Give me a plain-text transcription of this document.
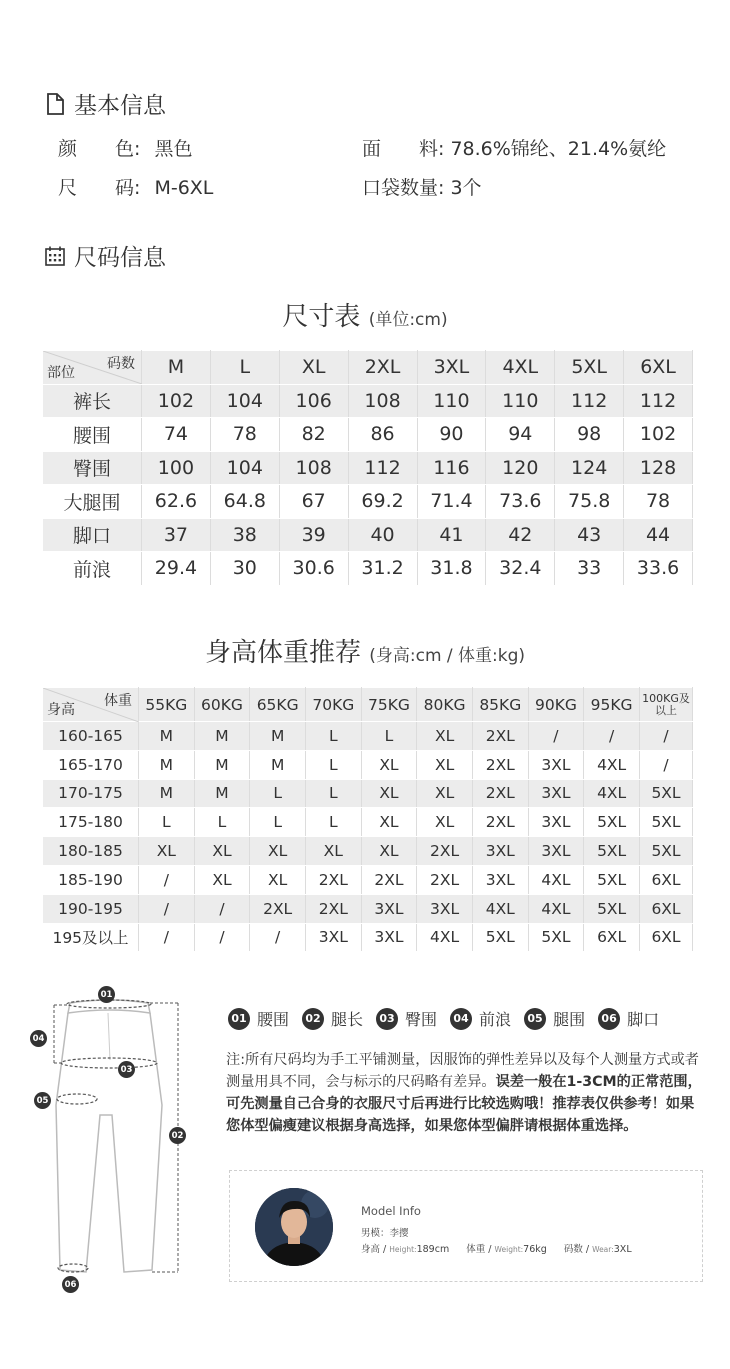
基本信息
颜　　色: 黑色	面　　料: 78.6%锦纶、21.4%氨纶
尺　　码: M-6XL	口袋数量: 3个
尺码信息
尺寸表 (单位:cm)
码数
部位	M	L	XL	2XL	3XL	4XL	5XL	6XL
裤长	102	104	106	108	110	110	112	112
腰围	74	78	82	86	90	94	98	102
臀围	100	104	108	112	116	120	124	128
大腿围	62.6	64.8	67	69.2	71.4	73.6	75.8	78
脚口	37	38	39	40	41	42	43	44
前浪	29.4	30	30.6	31.2	31.8	32.4	33	33.6
身高体重推荐 (身高:cm / 体重:kg)
体重
身高	55KG	60KG	65KG	70KG	75KG	80KG	85KG	90KG	95KG	100KG及以上
160-165	M	M	M	L	L	XL	2XL	/	/	/
165-170	M	M	M	L	XL	XL	2XL	3XL	4XL	/
170-175	M	M	L	L	XL	XL	2XL	3XL	4XL	5XL
175-180	L	L	L	L	XL	XL	2XL	3XL	5XL	5XL
180-185	XL	XL	XL	XL	XL	2XL	3XL	3XL	5XL	5XL
185-190	/	XL	XL	2XL	2XL	2XL	3XL	4XL	5XL	6XL
190-195	/	/	2XL	2XL	3XL	3XL	4XL	4XL	5XL	6XL
195及以上	/	/	/	3XL	3XL	4XL	5XL	5XL	6XL	6XL
01
04
03
05
02
06
01 腰围	02 腿长	03 臀围	04 前浪	05 腿围	06 脚口
注:所有尺码均为手工平铺测量，因服饰的弹性差异以及每个人测量方式或者测量用具不同，会与标示的尺码略有差异。误差一般在1-3CM的正常范围，可先测量自己合身的衣服尺寸后再进行比较选购哦！推荐表仅供参考！如果您体型偏瘦建议根据身高选择，如果您体型偏胖请根据体重选择。
Model Info
男模：李撄
身高 / Height:189cm 体重 / Weight:76kg 码数 / Wear:3XL
